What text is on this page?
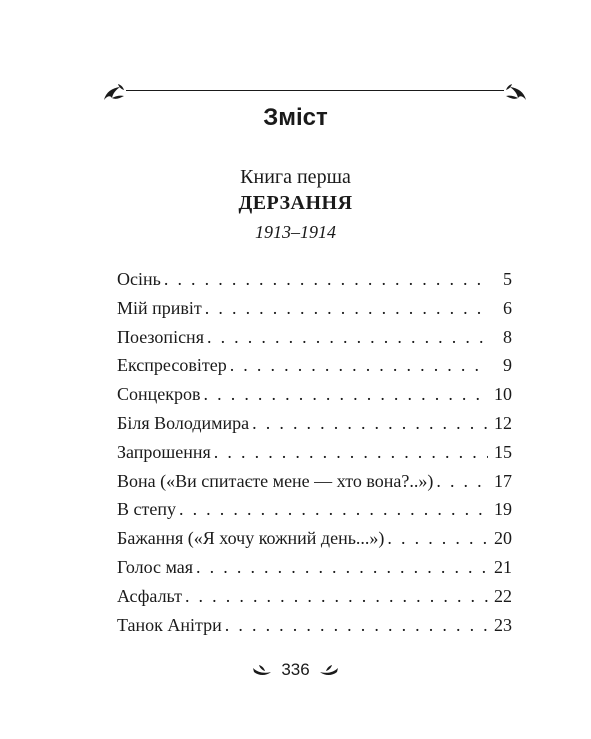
Зміст
Книга перша
ДЕРЗАННЯ
1913–1914
Осінь . . .	5
Мій привіт . . .	6
Поезопісня . . .	8
Експресовітер . . .	9
Сонцекров . . .	10
Біля Володимира . . .	12
Запрошення . . .	15
Вона («Ви спитаєте мене — хто вона?..») . . .	17
В степу . . .	19
Бажання («Я хочу кожний день...») . . .	20
Голос мая . . .	21
Асфальт . . .	22
Танок Анітри . . .	23
336
